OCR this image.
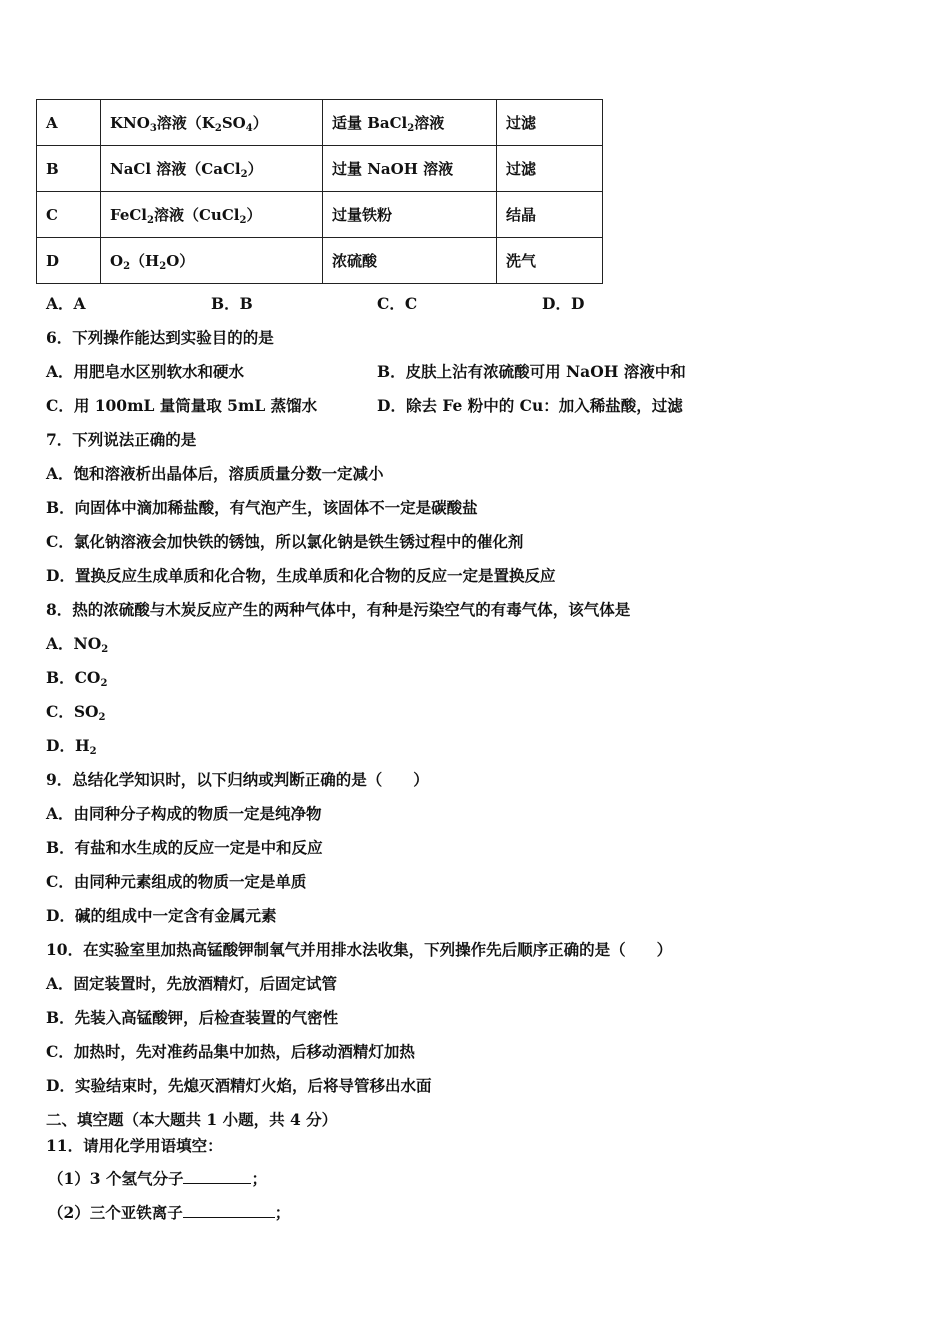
A	$KNO_3$溶液$(K_2SO_4)$	适量 BaCl$_2$溶液	过滤
B	NaCl 溶液（CaCl$_2$）	过量 NaOH 溶液	过滤
C	FeCl$_2$溶液（CuCl$_2$）	过量铁粉	结晶
D	$O_2(H_2O)$	浓硫酸	洗气
A．A	B．B	C．C	D．D
6．下列操作能达到实验目的的是
A．用肥皂水区别软水和硬水	B．皮肤上沾有浓硫酸可用 NaOH 溶液中和
C．用 100mL 量筒量取 5mL 蒸馏水	D．除去 Fe 粉中的 Cu：加入稀盐酸，过滤
7．下列说法正确的是
A．饱和溶液析出晶体后，溶质质量分数一定减小
B．向固体中滴加稀盐酸，有气泡产生，该固体不一定是碳酸盐
C．氯化钠溶液会加快铁的锈蚀，所以氯化钠是铁生锈过程中的催化剂
D．置换反应生成单质和化合物，生成单质和化合物的反应一定是置换反应
8．热的浓硫酸与木炭反应产生的两种气体中，有种是污染空气的有毒气体，该气体是
A．$NO_2$
B．$CO_2$
C．$SO_2$
D．$H_2$
9．总结化学知识时，以下归纳或判断正确的是（　　）
A．由同种分子构成的物质一定是纯净物
B．有盐和水生成的反应一定是中和反应
C．由同种元素组成的物质一定是单质
D．碱的组成中一定含有金属元素
10．在实验室里加热高锰酸钾制氧气并用排水法收集，下列操作先后顺序正确的是（　　）
A．固定装置时，先放酒精灯，后固定试管
B．先装入高锰酸钾，后检查装置的气密性
C．加热时，先对准药品集中加热，后移动酒精灯加热
D．实验结束时，先熄灭酒精灯火焰，后将导管移出水面
二、填空题（本大题共 1 小题，共 4 分）
11．请用化学用语填空：
（1）3 个氢气分子	；
（2）三个亚铁离子	；
